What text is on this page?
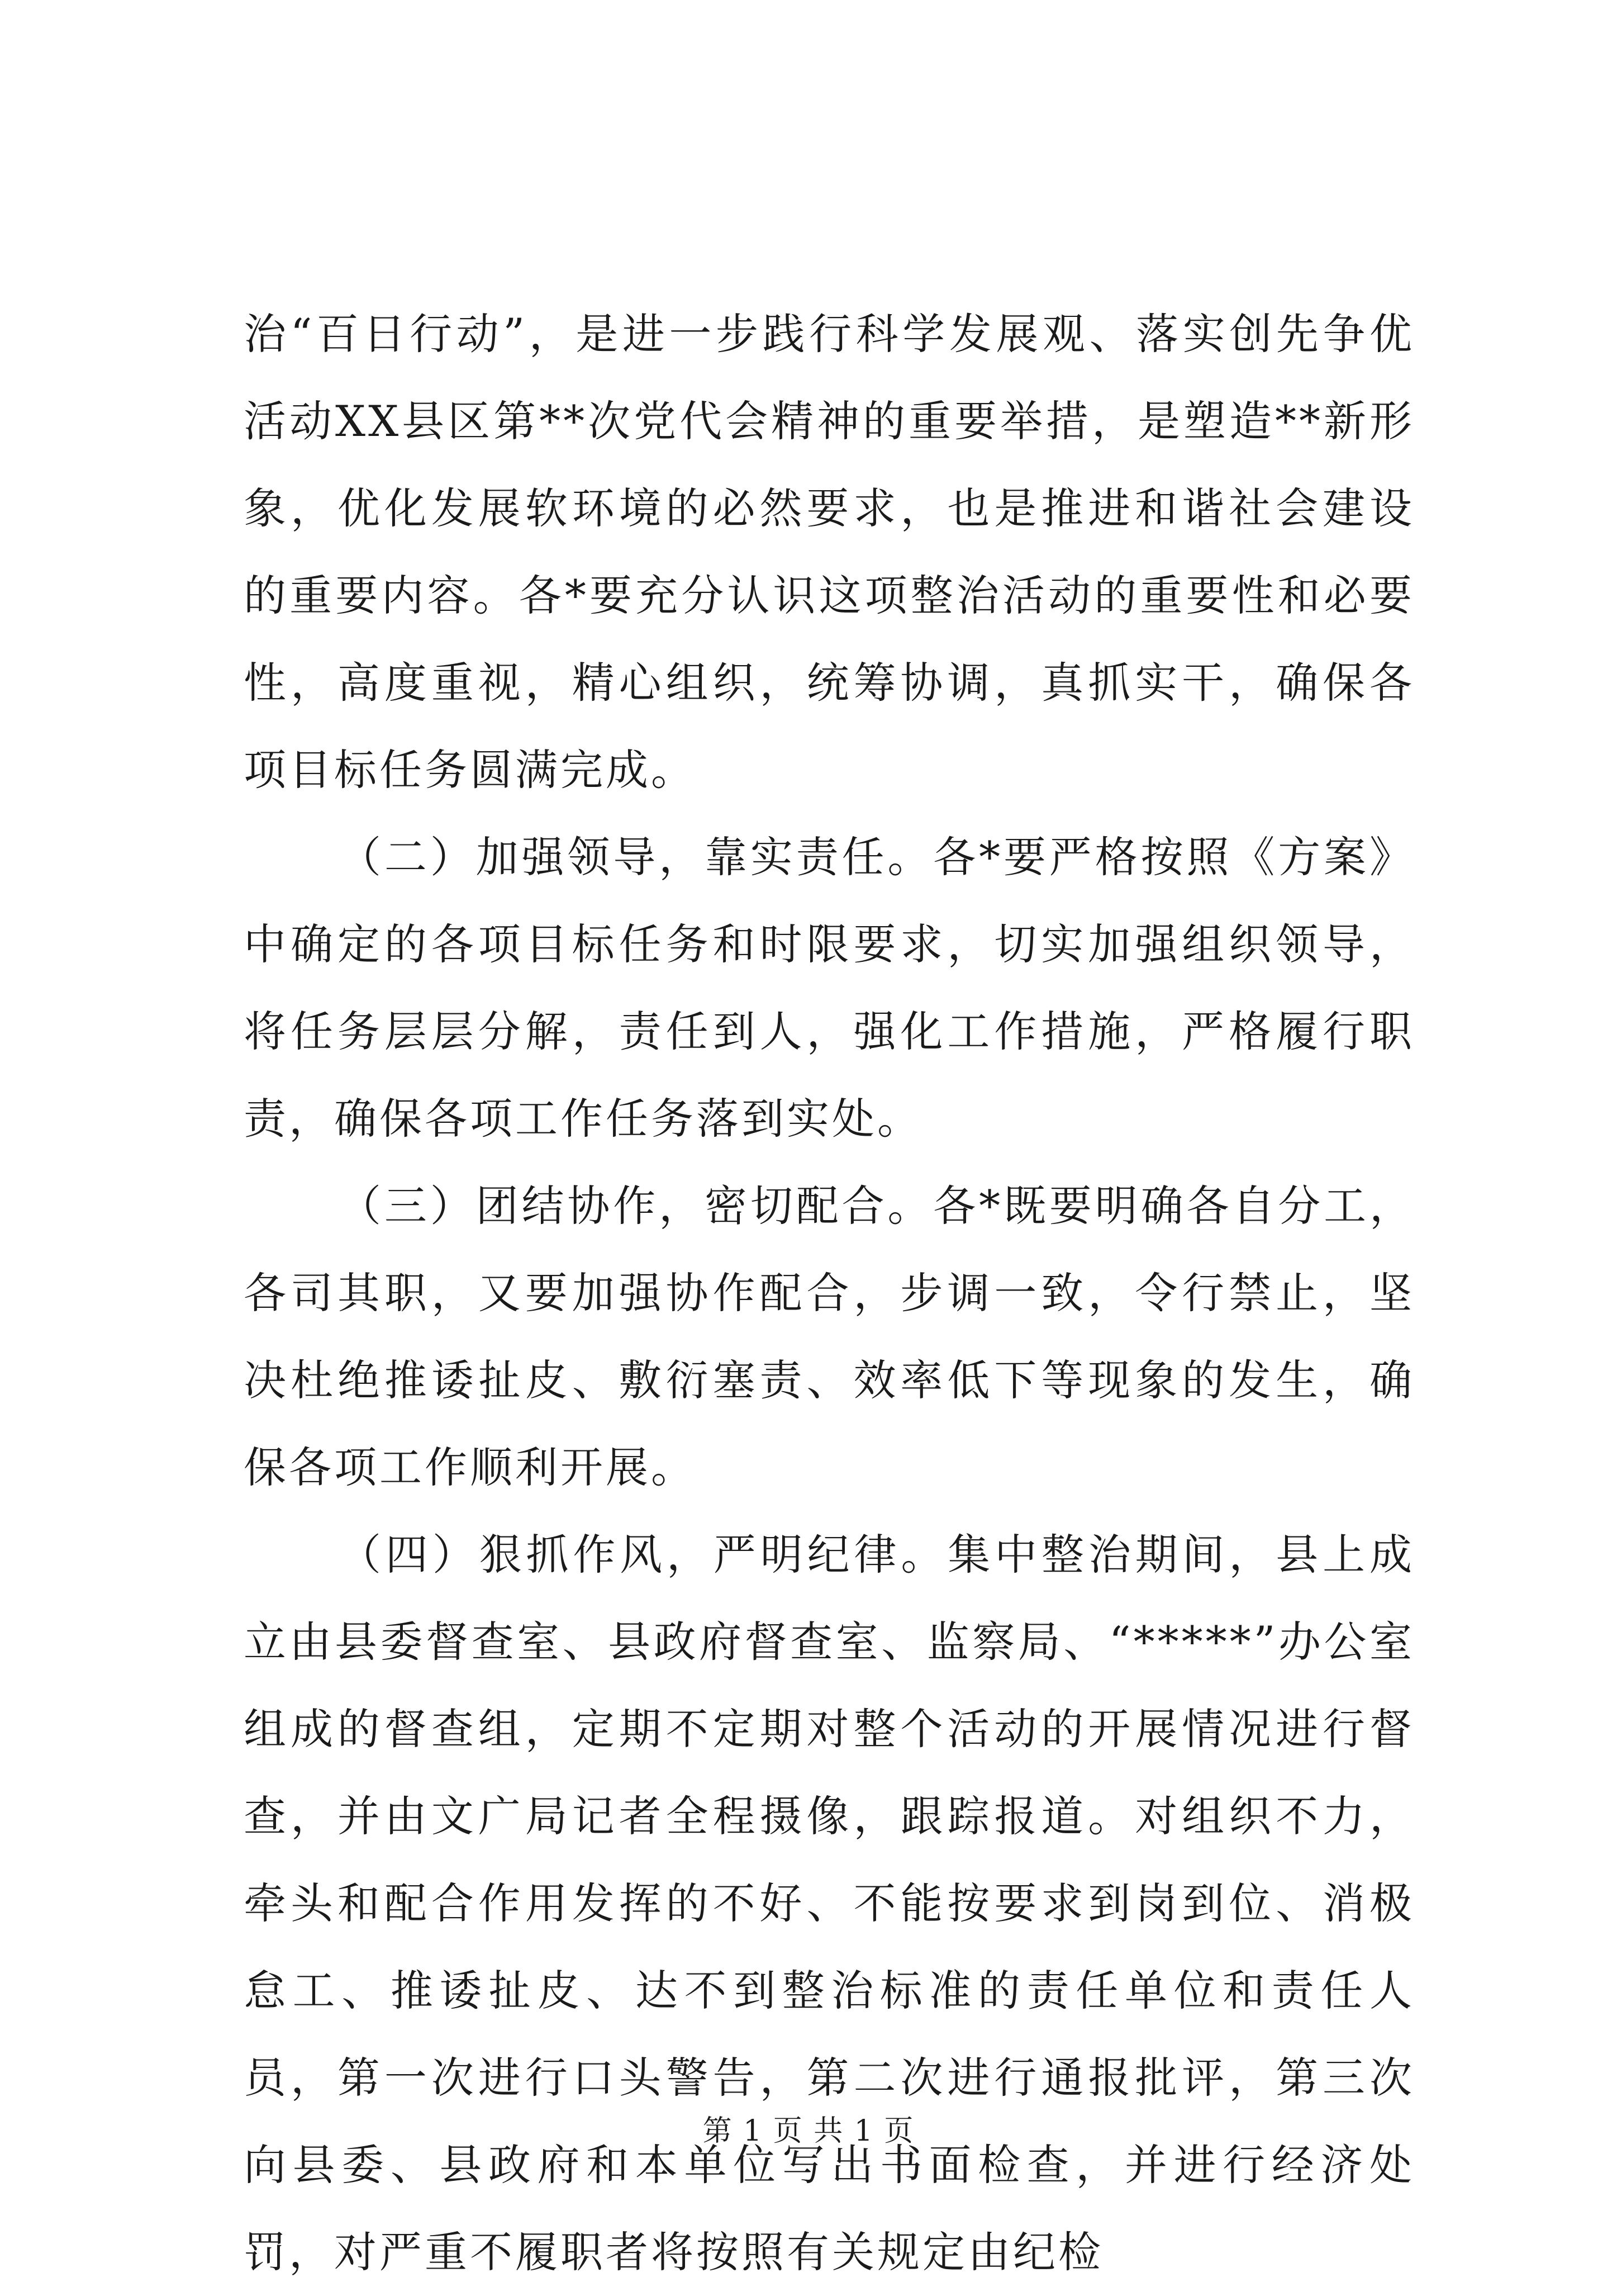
治“百日行动”，是进一步践行科学发展观、落实创先争优活动XX县区第**次党代会精神的重要举措，是塑造**新形象，优化发展软环境的必然要求，也是推进和谐社会建设的重要内容。各*要充分认识这项整治活动的重要性和必要性，高度重视，精心组织，统筹协调，真抓实干，确保各项目标任务圆满完成。

（二）加强领导，靠实责任。各*要严格按照《方案》中确定的各项目标任务和时限要求，切实加强组织领导，将任务层层分解，责任到人，强化工作措施，严格履行职责，确保各项工作任务落到实处。

（三）团结协作，密切配合。各*既要明确各自分工，各司其职，又要加强协作配合，步调一致，令行禁止，坚决杜绝推诿扯皮、敷衍塞责、效率低下等现象的发生，确保各项工作顺利开展。

（四）狠抓作风，严明纪律。集中整治期间，县上成立由县委督查室、县政府督查室、监察局、“*****”办公室组成的督查组，定期不定期对整个活动的开展情况进行督查，并由文广局记者全程摄像，跟踪报道。对组织不力，牵头和配合作用发挥的不好、不能按要求到岗到位、消极怠工、推诿扯皮、达不到整治标准的责任单位和责任人员，第一次进行口头警告，第二次进行通报批评，第三次向县委、县政府和本单位写出书面检查，并进行经济处罚，对严重不履职者将按照有关规定由纪检

第 1 页 共 1 页
